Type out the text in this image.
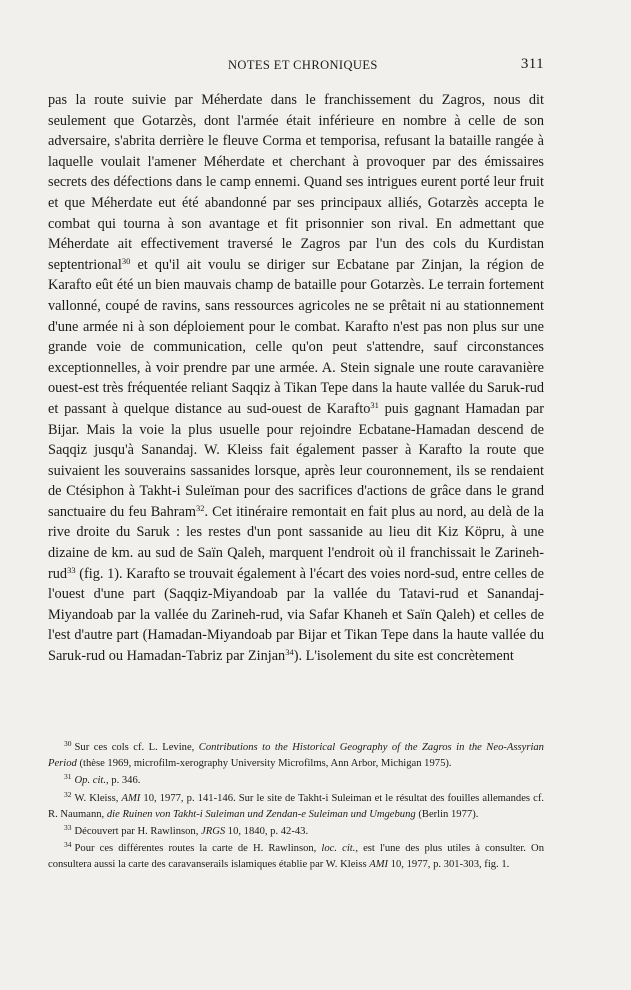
NOTES ET CHRONIQUES	311

pas la route suivie par Méherdate dans le franchissement du Zagros, nous dit seulement que Gotarzès, dont l'armée était inférieure en nombre à celle de son adversaire, s'abrita derrière le fleuve Corma et temporisa, refusant la bataille rangée à laquelle voulait l'amener Méherdate et cherchant à provoquer par des émissaires secrets des défections dans le camp ennemi. Quand ses intrigues eurent porté leur fruit et que Méherdate eut été abandonné par ses principaux alliés, Gotarzès accepta le combat qui tourna à son avantage et fit prisonnier son rival. En admettant que Méherdate ait effectivement traversé le Zagros par l'un des cols du Kurdistan septentrional$^{30}$ et qu'il ait voulu se diriger sur Ecbatane par Zinjan, la région de Karafto eût été un bien mauvais champ de bataille pour Gotarzès. Le terrain fortement vallonné, coupé de ravins, sans ressources agricoles ne se prêtait ni au stationnement d'une armée ni à son déploiement pour le combat. Karafto n'est pas non plus sur une grande voie de communication, celle qu'on peut s'attendre, sauf circonstances exceptionnelles, à voir prendre par une armée. A. Stein signale une route caravanière ouest-est très fréquentée reliant Saqqiz à Tikan Tepe dans la haute vallée du Saruk-rud et passant à quelque distance au sud-ouest de Karafto$^{31}$ puis gagnant Hamadan par Bijar. Mais la voie la plus usuelle pour rejoindre Ecbatane-Hamadan descend de Saqqiz jusqu'à Sanandaj. W. Kleiss fait également passer à Karafto la route que suivaient les souverains sassanides lorsque, après leur couronnement, ils se rendaient de Ctésiphon à Takht-i Suleïman pour des sacrifices d'actions de grâce dans le grand sanctuaire du feu Bahram$^{32}$. Cet itinéraire remontait en fait plus au nord, au delà de la rive droite du Saruk : les restes d'un pont sassanide au lieu dit Kiz Köpru, à une dizaine de km. au sud de Saïn Qaleh, marquent l'endroit où il franchissait le Zarineh-rud$^{33}$ (fig. 1). Karafto se trouvait également à l'écart des voies nord-sud, entre celles de l'ouest d'une part (Saqqiz-Miyandoab par la vallée du Tatavi-rud et Sanandaj-Miyandoab par la vallée du Zarineh-rud, via Safar Khaneh et Saïn Qaleh) et celles de l'est d'autre part (Hamadan-Miyandoab par Bijar et Tikan Tepe dans la haute vallée du Saruk-rud ou Hamadan-Tabriz par Zinjan$^{34}$). L'isolement du site est concrètement

$^{30}$ Sur ces cols cf. L. Levine, Contributions to the Historical Geography of the Zagros in the Neo-Assyrian Period (thèse 1969, microfilm-xerography University Microfilms, Ann Arbor, Michigan 1975).

$^{31}$ Op. cit., p. 346.

$^{32}$ W. Kleiss, AMI 10, 1977, p. 141-146. Sur le site de Takht-i Suleiman et le résultat des fouilles allemandes cf. R. Naumann, die Ruinen von Takht-i Suleiman und Zendan-e Suleiman und Umgebung (Berlin 1977).

$^{33}$ Découvert par H. Rawlinson, JRGS 10, 1840, p. 42-43.

$^{34}$ Pour ces différentes routes la carte de H. Rawlinson, loc. cit., est l'une des plus utiles à consulter. On consultera aussi la carte des caravanserails islamiques établie par W. Kleiss AMI 10, 1977, p. 301-303, fig. 1.
